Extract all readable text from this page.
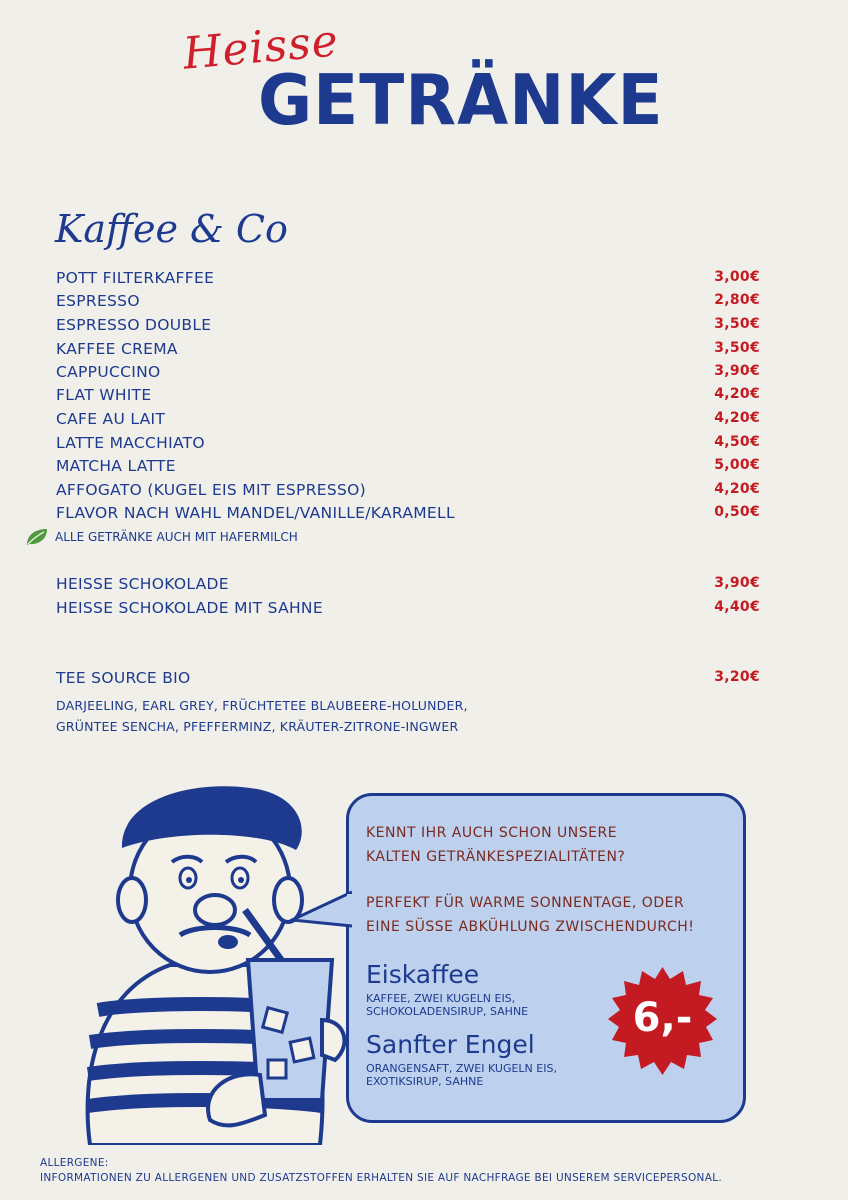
Heisse
GETRÄNKE
Kaffee & Co
POTT FILTERKAFFEE	3,00€
ESPRESSO	2,80€
ESPRESSO DOUBLE	3,50€
KAFFEE CREMA	3,50€
CAPPUCCINO	3,90€
FLAT WHITE	4,20€
CAFE AU LAIT	4,20€
LATTE MACCHIATO	4,50€
MATCHA LATTE	5,00€
AFFOGATO (KUGEL EIS MIT ESPRESSO)	4,20€
FLAVOR NACH WAHL MANDEL/VANILLE/KARAMELL	0,50€
ALLE GETRÄNKE AUCH MIT HAFERMILCH
HEISSE SCHOKOLADE	3,90€
HEISSE SCHOKOLADE MIT SAHNE	4,40€
TEE SOURCE BIO	3,20€
DARJEELING, EARL GREY, FRÜCHTETEE BLAUBEERE-HOLUNDER,
GRÜNTEE SENCHA, PFEFFERMINZ, KRÄUTER-ZITRONE-INGWER
KENNT IHR AUCH SCHON UNSERE
KALTEN GETRÄNKESPEZIALITÄTEN?
PERFEKT FÜR WARME SONNENTAGE, ODER
EINE SÜSSE ABKÜHLUNG ZWISCHENDURCH!
Eiskaffee
KAFFEE, ZWEI KUGELN EIS,
SCHOKOLADENSIRUP, SAHNE
Sanfter Engel
ORANGENSAFT, ZWEI KUGELN EIS,
EXOTIKSIRUP, SAHNE
6,-
ALLERGENE:
INFORMATIONEN ZU ALLERGENEN UND ZUSATZSTOFFEN ERHALTEN SIE AUF NACHFRAGE BEI UNSEREM SERVICEPERSONAL.
